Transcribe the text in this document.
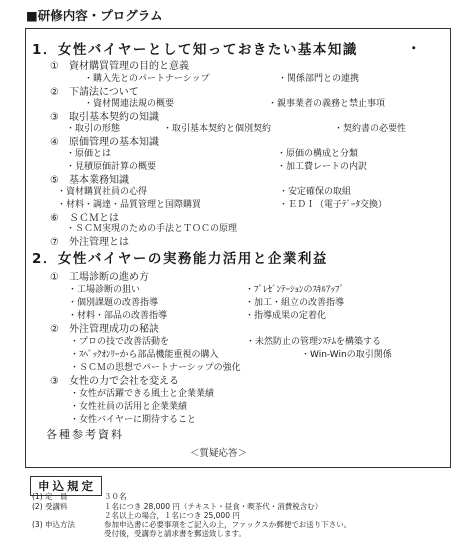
■研修内容・プログラム
1．女性バイヤーとして知っておきたい基本知識	・
①　 資材購買管理の目的と意義
・購入先とのパートナーシップ	・関係部門との連携
②　 下請法について
・資材関連法規の概要	・親事業者の義務と禁止事項
③　 取引基本契約の知識
・取引の形態	・取引基本契約と個別契約	・契約書の必要性
④　 原価管理の基本知識
・原価とは	・原価の構成と分類
・見積原価計算の概要	・加工費レートの内訳
⑤　 基本業務知識
・資材購買社員の心得	・安定確保の取組
・材料・調達・品質管理と国際購買	・ＥＤＩ（電子ﾃﾞｰﾀ交換）
⑥　 ＳＣＭとは
・ＳＣＭ実現のための手法とＴＯＣの原理
⑦　 外注管理とは
2．女性バイヤーの実務能力活用と企業利益
①　 工場診断の進め方
・工場診断の狙い	・ﾌﾟﾚｾﾞﾝﾃｰｼｮﾝのｽｷﾙｱｯﾌﾟ
・個別課題の改善指導	・加工・組立の改善指導
・材料・部品の改善指導	・指導成果の定着化
②　 外注管理成功の秘訣
・プロの技で改善活動を	・未然防止の管理ｼｽﾃﾑを構築する
・ｽﾍﾟｯｸｵﾝﾘｰから部品機能重視の購入	・Win-Winの取引関係
・ＳＣＭの思想でパートナーシップの強化
③　 女性の力で会社を変える
・女性が活躍できる風土と企業業績
・女性社員の活用と企業業績
・女性バイヤーに期待すること
各種参考資料
＜質疑応答＞
申込規定
(1) 定　員	３０名
(2) 受講料	１名につき 28,000 円（テキスト・昼食・喫茶代・消費税含む）
２名以上の場合，１名につき 25,000 円
(3) 申込方法	参加申込書に必要事項をご記入の上，ファックスか郵便でお送り下さい。
受付後，受講券と請求書を郵送致します。
